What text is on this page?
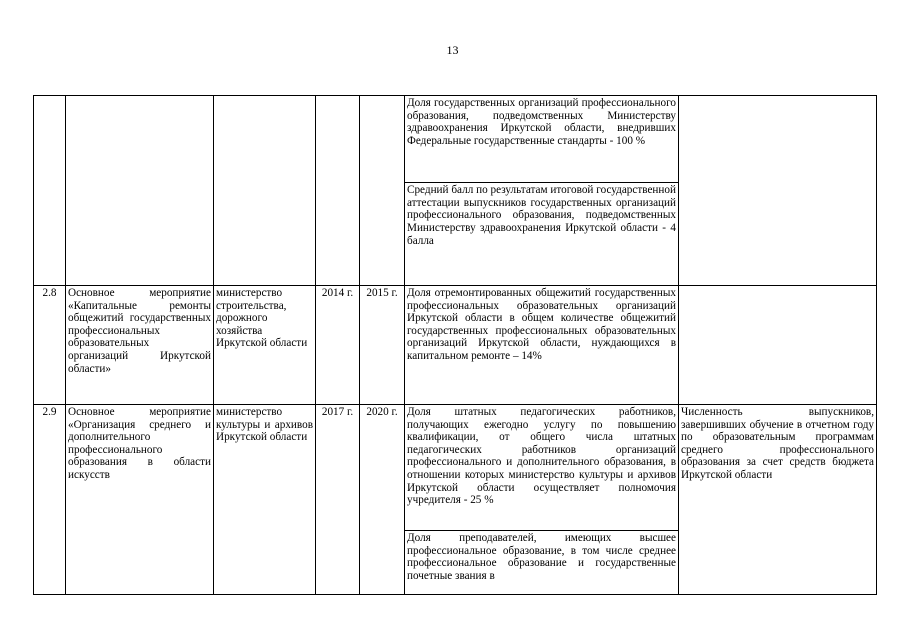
13
					Доля государственных организаций профессионального образования, подведомственных Министерству здравоохранения Иркутской области, внедривших Федеральные государственные стандарты - 100 %	
					Средний балл по результатам итоговой государственной аттестации выпускников государственных организаций профессионального образования, подведомственных Министерству здравоохранения Иркутской области - 4 балла	
2.8	Основное мероприятие «Капитальные ремонты общежитий государственных профессиональных образовательных организаций Иркутской области»	министерство строительства, дорожного хозяйства Иркутской области	2014 г.	2015 г.	Доля отремонтированных общежитий государственных профессиональных образовательных организаций Иркутской области в общем количестве общежитий государственных профессиональных образовательных организаций Иркутской области, нуждающихся в капитальном ремонте – 14%	
2.9	Основное мероприятие «Организация среднего и дополнительного профессионального образования в области искусств	министерство культуры и архивов Иркутской области	2017 г.	2020 г.	Доля штатных педагогических работников, получающих ежегодно услугу по повышению квалификации, от общего числа штатных педагогических работников организаций профессионального и дополнительного образования, в отношении которых министерство культуры и архивов Иркутской области осуществляет полномочия учредителя - 25 %	Численность выпускников, завершивших обучение в отчетном году по образовательным программам среднего профессионального образования за счет средств бюджета Иркутской области
					Доля преподавателей, имеющих высшее профессиональное образование, в том числе среднее профессиональное образование и государственные почетные звания в	
